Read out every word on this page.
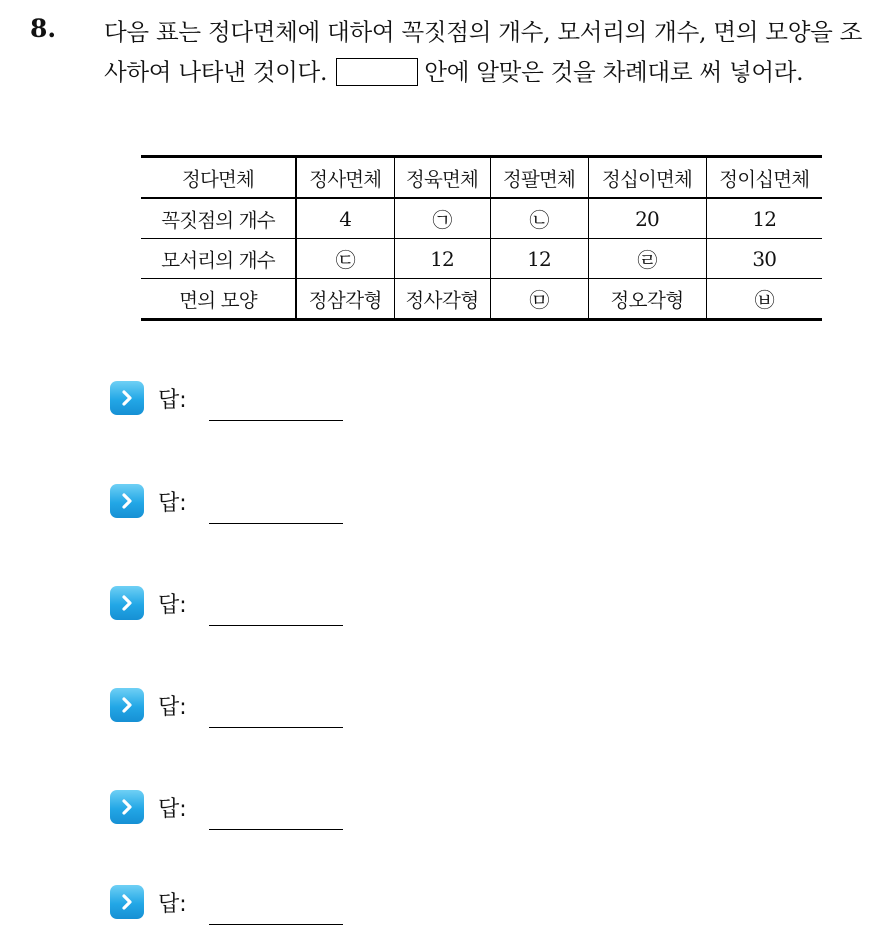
8. 다음 표는 정다면체에 대하여 꼭짓점의 개수, 모서리의 개수, 면의 모양을 조사하여 나타낸 것이다.	안에 알맞은 것을 차례대로 써 넣어라.
정다면체	정사면체	정육면체	정팔면체	정십이면체	정이십면체
꼭짓점의 개수	4	㉠	㉡	20	12
모서리의 개수	㉢	12	12	㉣	30
면의 모양	정삼각형	정사각형	㉤	정오각형	㉥
답:
답:
답:
답:
답:
답:
